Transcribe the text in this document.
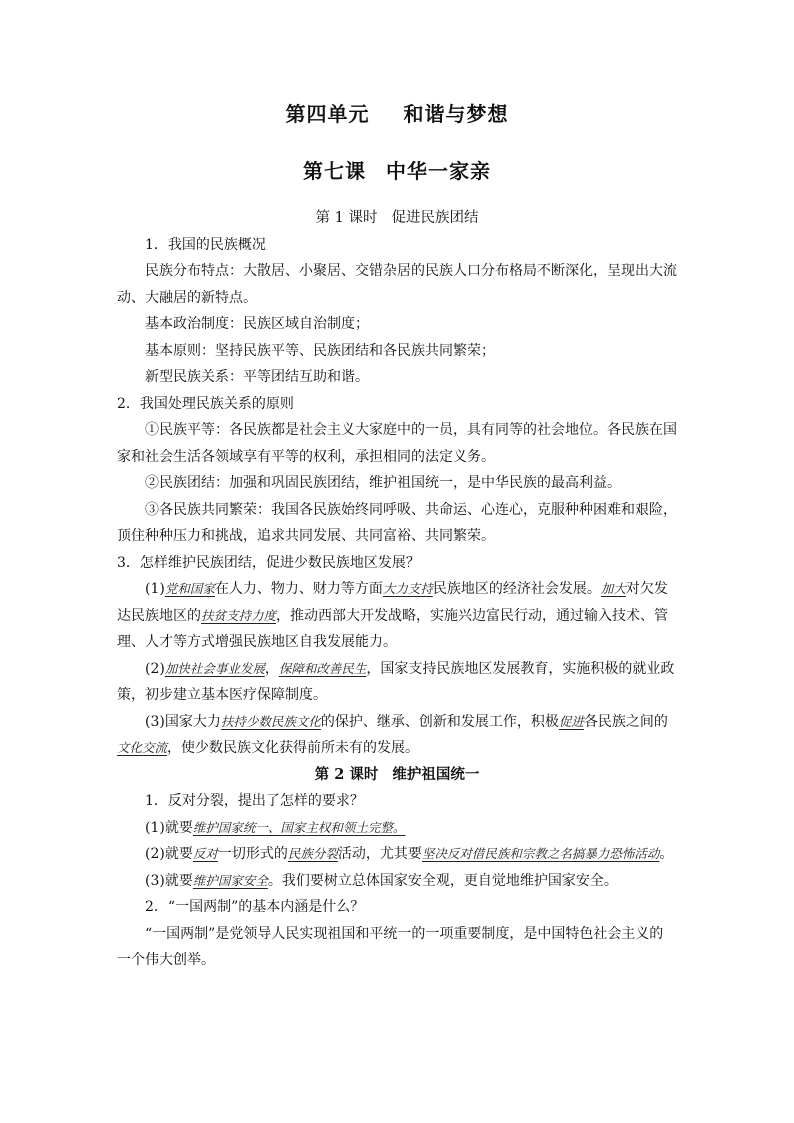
第四单元 和谐与梦想
第七课 中华一家亲

第 1 课时 促进民族团结

1．我国的民族概况

民族分布特点：大散居、小聚居、交错杂居的民族人口分布格局不断深化，呈现出大流动、大融居的新特点。

基本政治制度：民族区域自治制度；

基本原则：坚持民族平等、民族团结和各民族共同繁荣；

新型民族关系：平等团结互助和谐。

2．我国处理民族关系的原则

①民族平等：各民族都是社会主义大家庭中的一员，具有同等的社会地位。各民族在国家和社会生活各领域享有平等的权利，承担相同的法定义务。

②民族团结：加强和巩固民族团结，维护祖国统一，是中华民族的最高利益。

③各民族共同繁荣：我国各民族始终同呼吸、共命运、心连心，克服种种困难和艰险，顶住种种压力和挑战，追求共同发展、共同富裕、共同繁荣。

3．怎样维护民族团结，促进少数民族地区发展？

(1)党和国家在人力、物力、财力等方面大力支持民族地区的经济社会发展。加大对欠发达民族地区的扶贫支持力度，推动西部大开发战略，实施兴边富民行动，通过输入技术、管理、人才等方式增强民族地区自我发展能力。

(2)加快社会事业发展，保障和改善民生，国家支持民族地区发展教育，实施积极的就业政策，初步建立基本医疗保障制度。

(3)国家大力扶持少数民族文化的保护、继承、创新和发展工作，积极促进各民族之间的文化交流，使少数民族文化获得前所未有的发展。

第 2 课时 维护祖国统一

1．反对分裂，提出了怎样的要求？

(1)就要维护国家统一、国家主权和领土完整。

(2)就要反对一切形式的民族分裂活动，尤其要坚决反对借民族和宗教之名搞暴力恐怖活动。

(3)就要维护国家安全。我们要树立总体国家安全观，更自觉地维护国家安全。

2．“一国两制”的基本内涵是什么？

“一国两制”是党领导人民实现祖国和平统一的一项重要制度，是中国特色社会主义的一个伟大创举。
